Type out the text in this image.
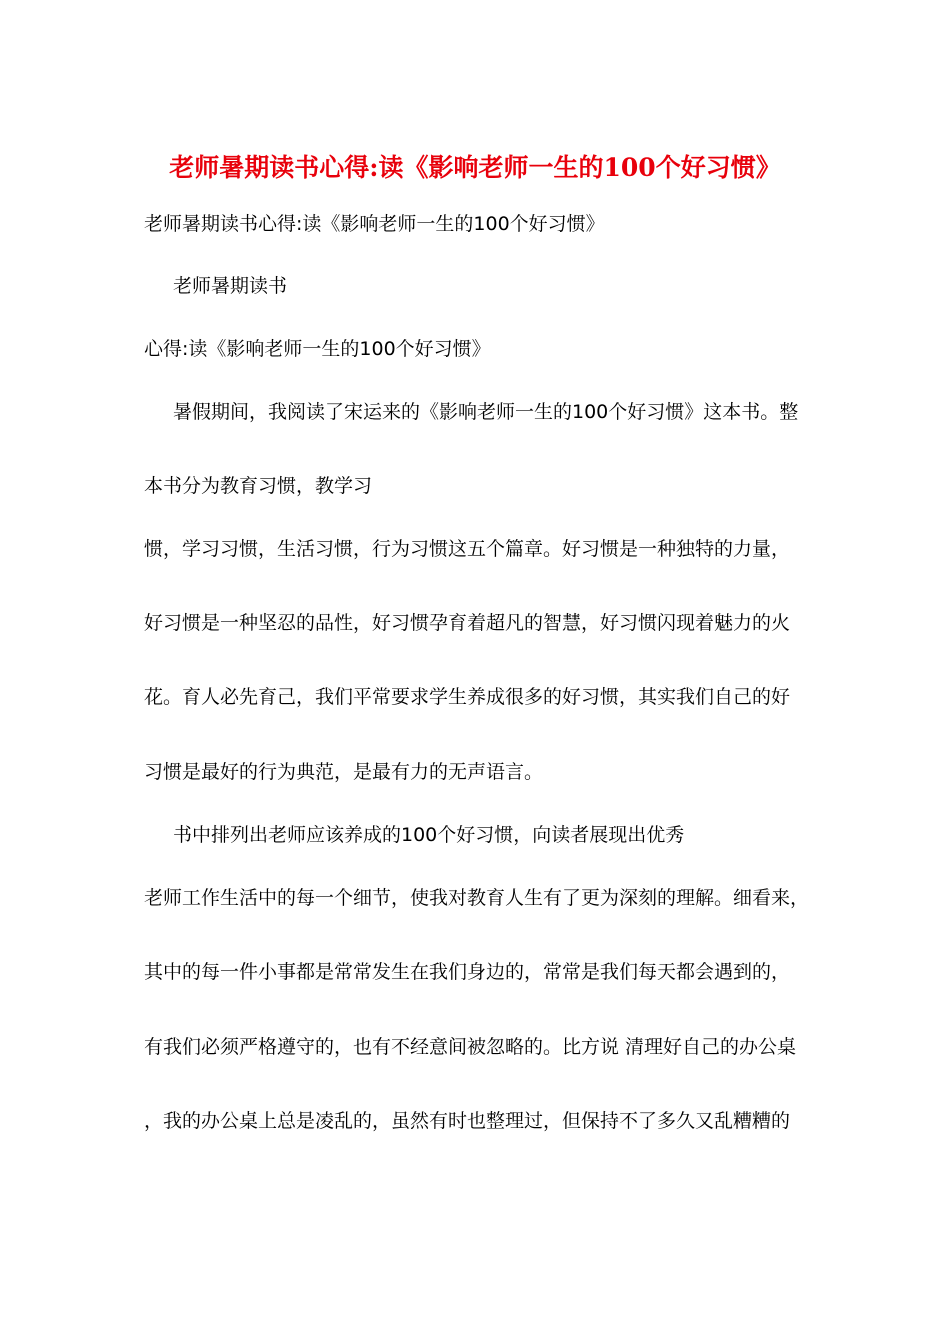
老师暑期读书心得:读《影响老师一生的100个好习惯》

老师暑期读书心得:读《影响老师一生的100个好习惯》

老师暑期读书

心得:读《影响老师一生的100个好习惯》

暑假期间，我阅读了宋运来的《影响老师一生的100个好习惯》这本书。整

本书分为教育习惯，教学习

惯，学习习惯，生活习惯，行为习惯这五个篇章。好习惯是一种独特的力量，

好习惯是一种坚忍的品性，好习惯孕育着超凡的智慧，好习惯闪现着魅力的火

花。育人必先育己，我们平常要求学生养成很多的好习惯，其实我们自己的好

习惯是最好的行为典范，是最有力的无声语言。

书中排列出老师应该养成的100个好习惯，向读者展现出优秀

老师工作生活中的每一个细节，使我对教育人生有了更为深刻的理解。细看来，

其中的每一件小事都是常常发生在我们身边的，常常是我们每天都会遇到的，

有我们必须严格遵守的，也有不经意间被忽略的。比方说 清理好自己的办公桌

，我的办公桌上总是凌乱的，虽然有时也整理过，但保持不了多久又乱糟糟的
